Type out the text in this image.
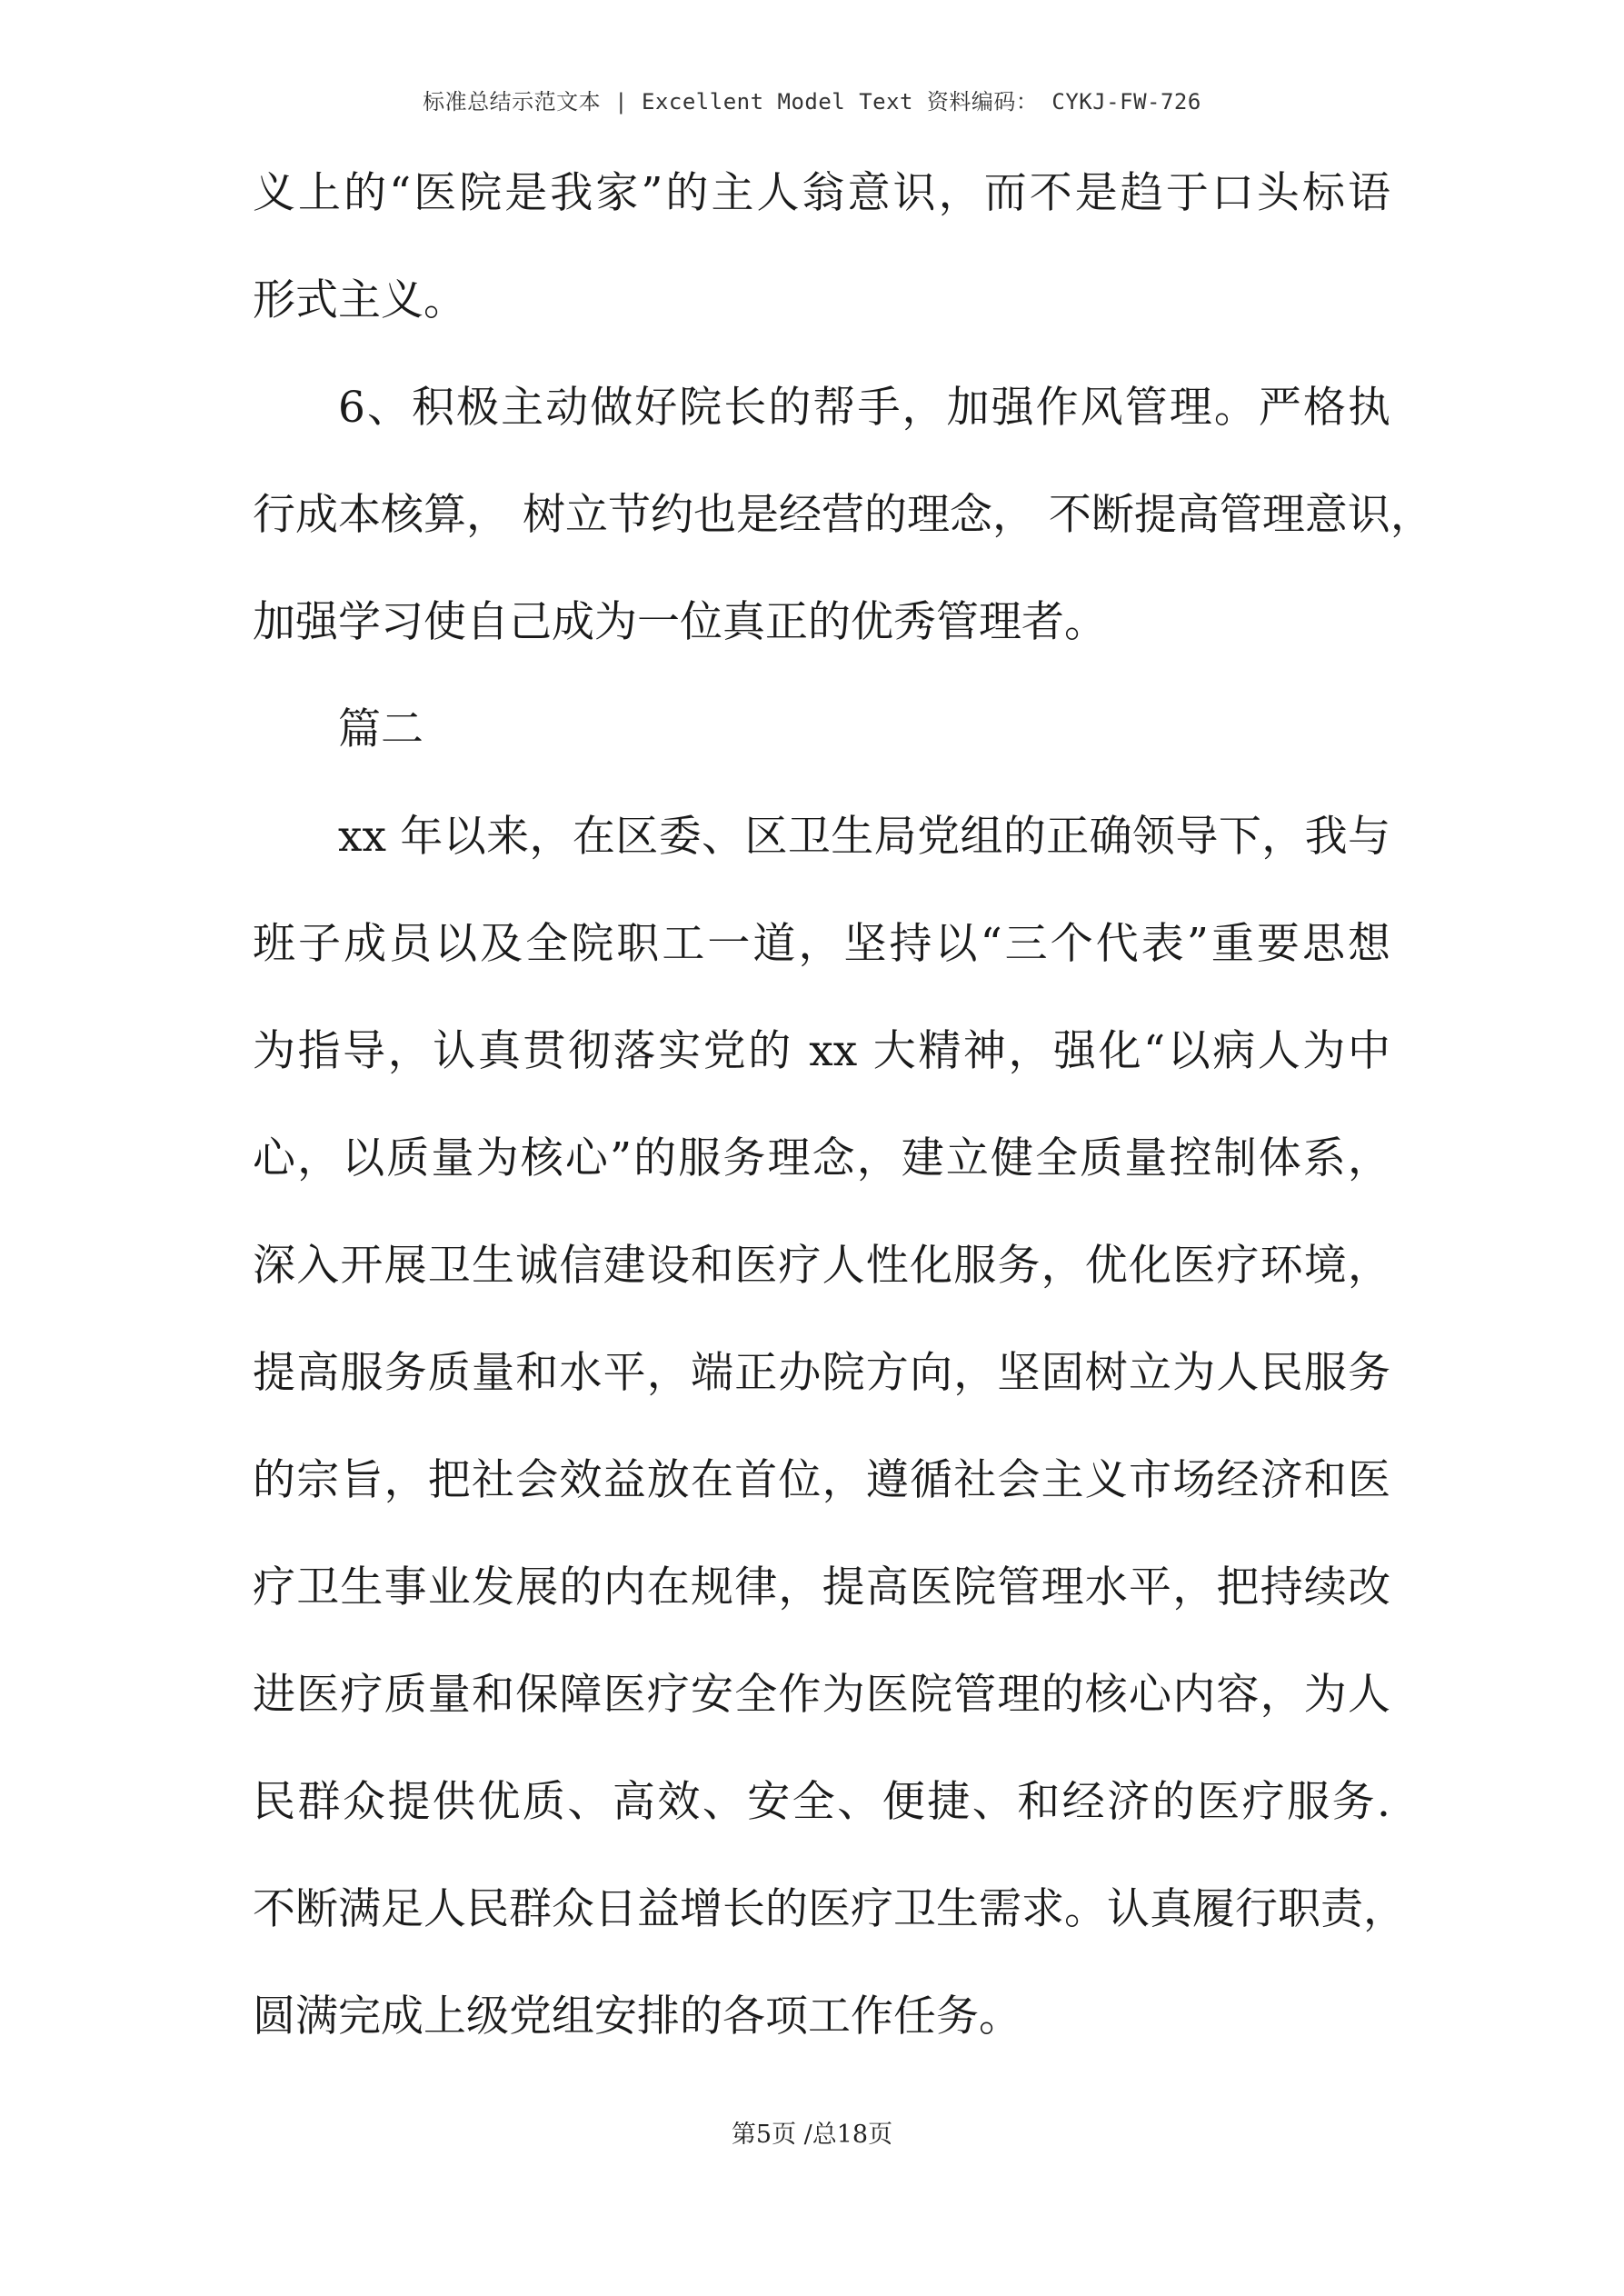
标准总结示范文本 | Excellent Model Text 资料编码： CYKJ-FW-726
义上的“医院是我家”的主人翁意识，而不是趋于口头标语
形式主义。
6、积极主动做好院长的帮手，加强作风管理。严格执
行成本核算， 树立节约也是经营的理念， 不断提高管理意识，
加强学习使自己成为一位真正的优秀管理者。
篇二
xx 年以来，在区委、区卫生局党组的正确领导下，我与
班子成员以及全院职工一道，坚持以“三个代表”重要思想
为指导，认真贯彻落实党的 xx 大精神，强化“以病人为中
心，以质量为核心”的服务理念，建立健全质量控制体系，
深入开展卫生诚信建设和医疗人性化服务，优化医疗环境，
提高服务质量和水平，端正办院方向，坚固树立为人民服务
的宗旨，把社会效益放在首位，遵循社会主义市场经济和医
疗卫生事业发展的内在规律，提高医院管理水平，把持续改
进医疗质量和保障医疗安全作为医院管理的核心内容，为人
民群众提供优质、高效、安全、便捷、和经济的医疗服务.
不断满足人民群众日益增长的医疗卫生需求。认真履行职责，
圆满完成上级党组安排的各项工作任务。
第5页 /总18页
